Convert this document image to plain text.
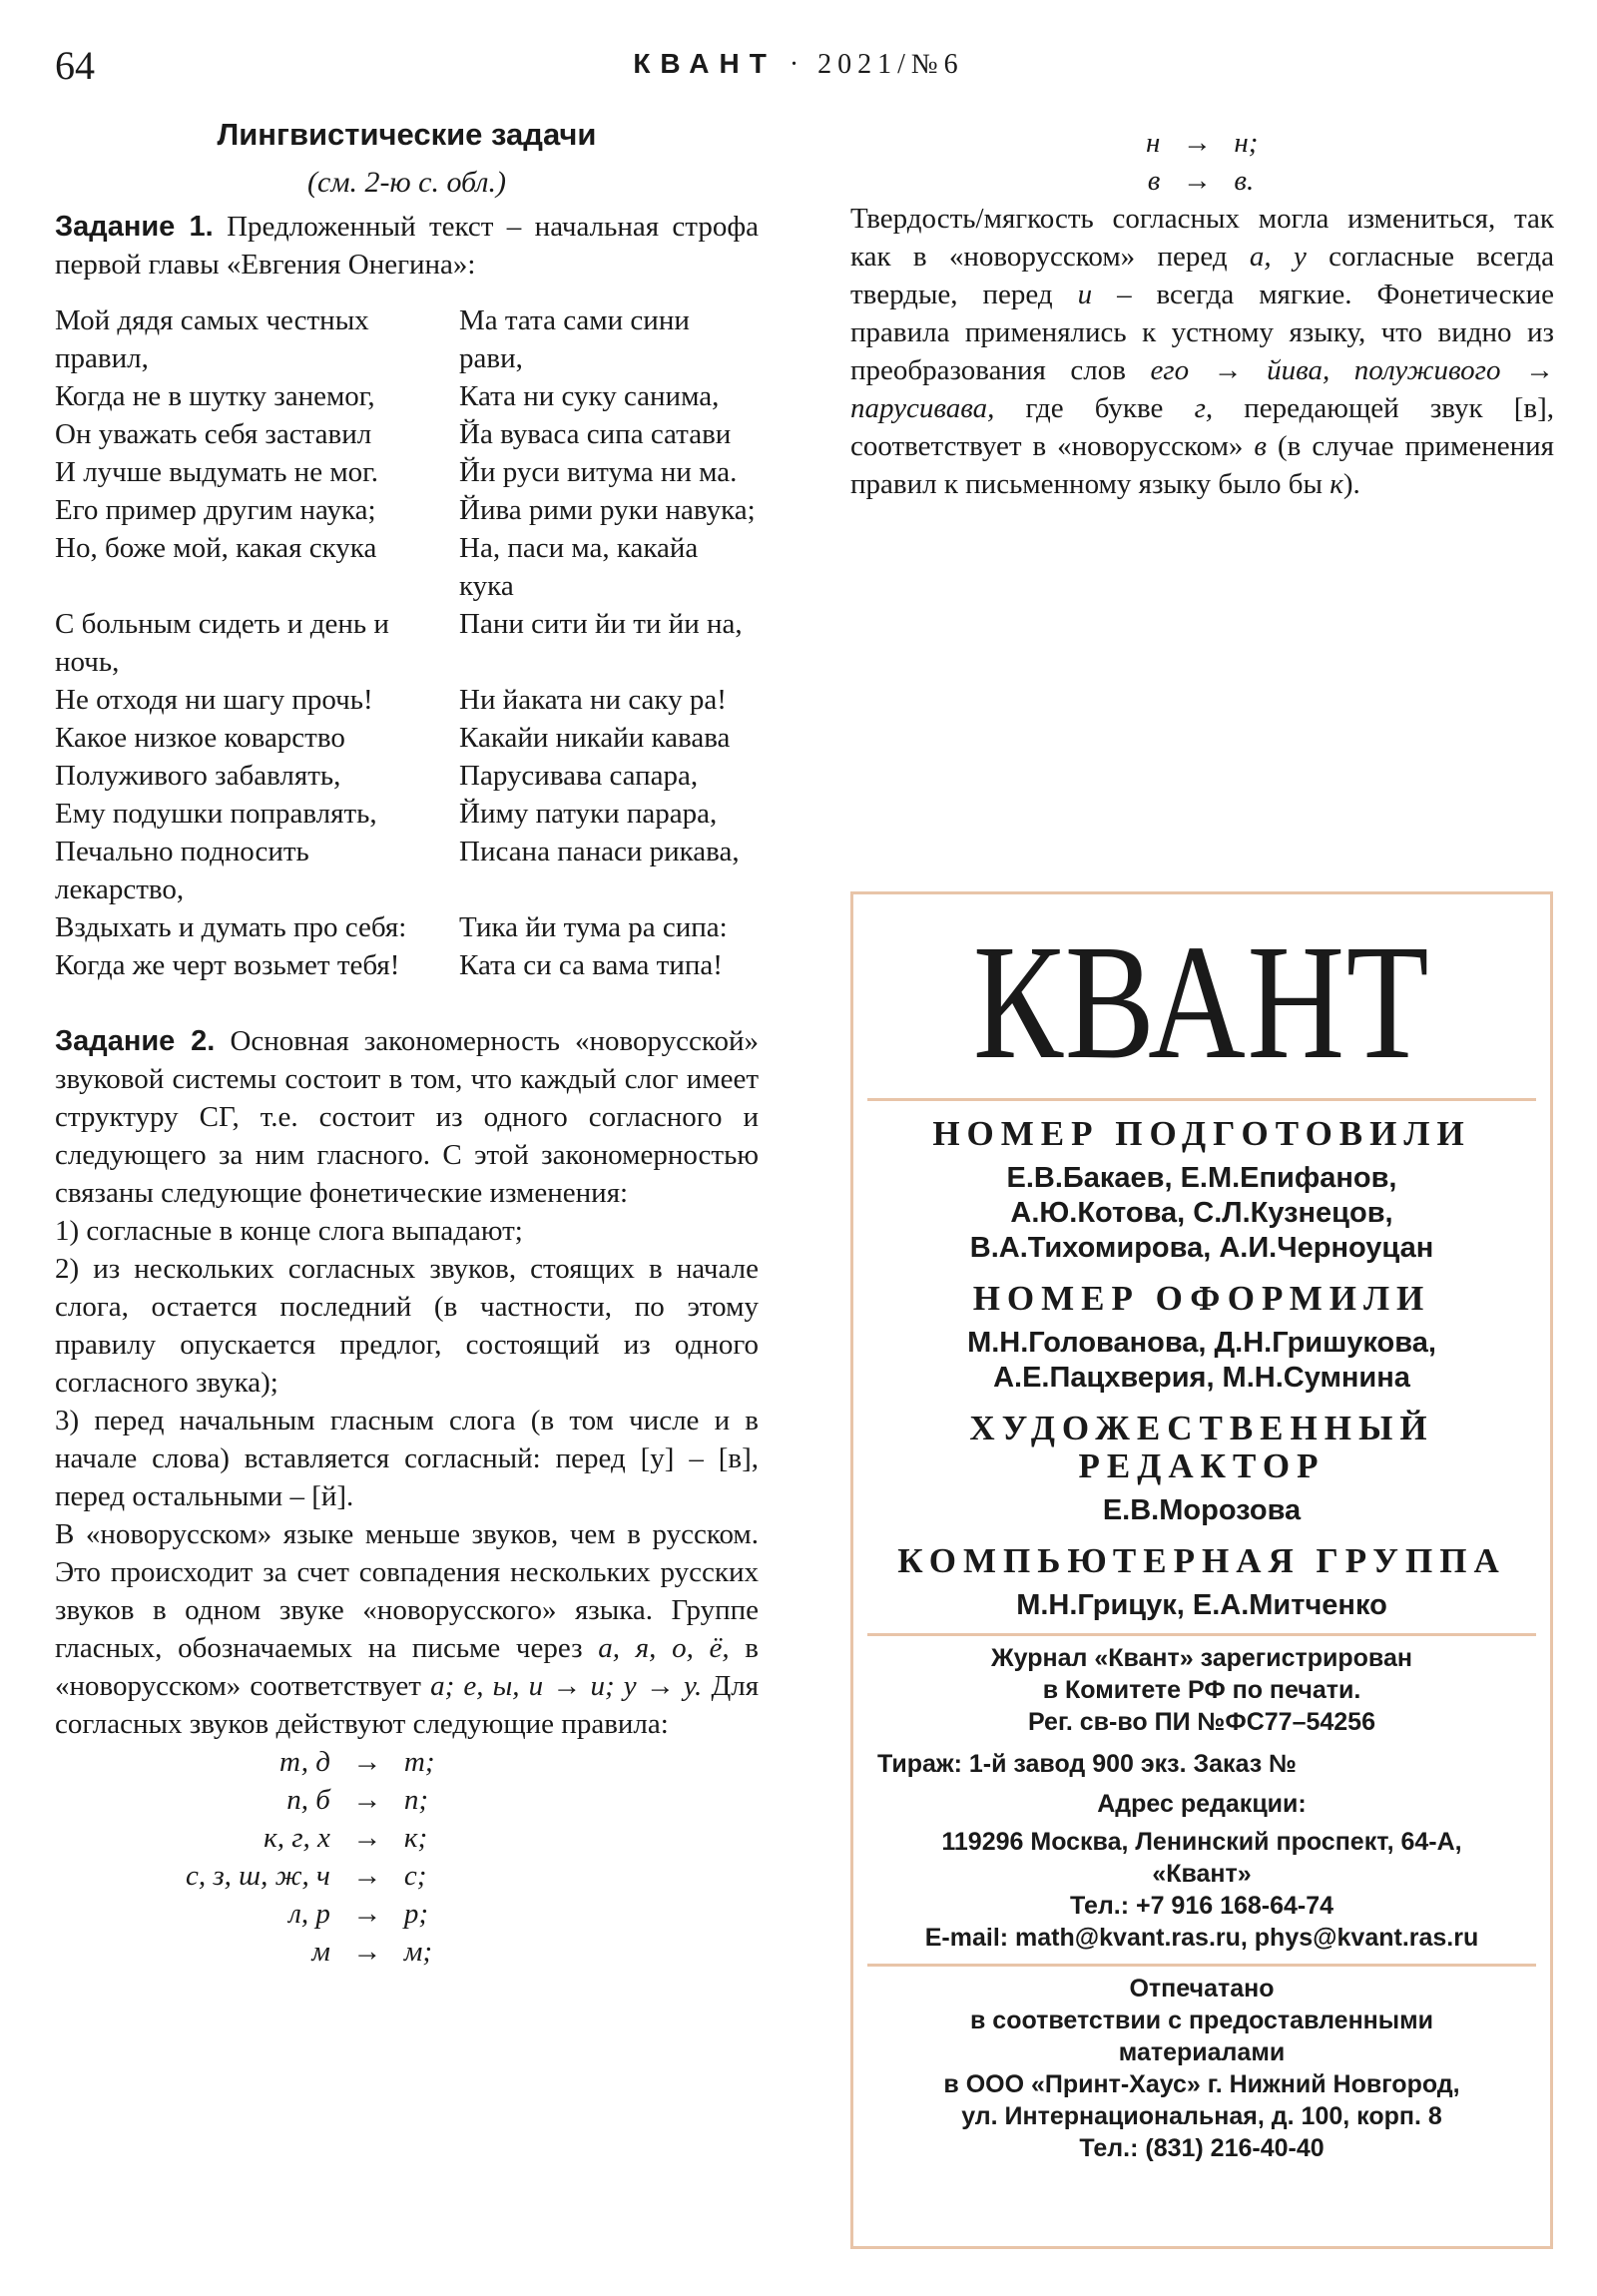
64	КВАНТ · 2021/№6
Лингвистические задачи
(см. 2-ю с. обл.)

Задание 1. Предложенный текст – начальная строфа первой главы «Евгения Онегина»:

Мой дядя самых честных правил,	Ма тата сами сини рави,
Когда не в шутку занемог,	Ката ни суку санима,
Он уважать себя заставил	Йа вуваса сипа сатави
И лучше выдумать не мог.	Йи руси витума ни ма.
Его пример другим наука;	Йива рими руки навука;
Но, боже мой, какая скука	На, паси ма, какайа кука
С больным сидеть и день и ночь,	Пани сити йи ти йи на,
Не отходя ни шагу прочь!	Ни йаката ни саку ра!
Какое низкое коварство	Какайи никайи кавава
Полуживого забавлять,	Парусивава сапара,
Ему подушки поправлять,	Йиму патуки парара,
Печально подносить лекарство,	Писана панаси рикава,
Вздыхать и думать про себя:	Тика йи тума ра сипа:
Когда же черт возьмет тебя!	Ката си са вама типа!

Задание 2. Основная закономерность «новорусской» звуковой системы состоит в том, что каждый слог имеет структуру СГ, т.е. состоит из одного согласного и следующего за ним гласного. С этой закономерностью связаны следующие фонетические изменения:

1) согласные в конце слога выпадают;

2) из нескольких согласных звуков, стоящих в начале слога, остается последний (в частности, по этому правилу опускается предлог, состоящий из одного согласного звука);

3) перед начальным гласным слога (в том числе и в начале слова) вставляется согласный: перед [у] – [в], перед остальными – [й].

В «новорусском» языке меньше звуков, чем в русском. Это происходит за счет совпадения нескольких русских звуков в одном звуке «новорусского» языка. Группе гласных, обозначаемых на письме через а, я, о, ё, в «новорусском» соответствует а; е, ы, и → и; у → у. Для согласных звуков действуют следующие правила:

т, д	→	т;
п, б	→	п;
к, г, х	→	к;
с, з, ш, ж, ч	→	с;
л, р	→	р;
м	→	м;
н	→	н;
в	→	в.

Твердость/мягкость согласных могла измениться, так как в «новорусском» перед а, у согласные всегда твердые, перед и – всегда мягкие. Фонетические правила применялись к устному языку, что видно из преобразования слов его → йива, полуживого → парусивава, где букве г, передающей звук [в], соответствует в «новорусском» в (в случае применения правил к письменному языку было бы к).

КВАНТ
НОМЕР ПОДГОТОВИЛИ
Е.В.Бакаев, Е.М.Епифанов,
А.Ю.Котова, С.Л.Кузнецов,
В.А.Тихомирова, А.И.Черноуцан
НОМЕР ОФОРМИЛИ
М.Н.Голованова, Д.Н.Гришукова,
А.Е.Пацхверия, М.Н.Сумнина
ХУДОЖЕСТВЕННЫЙ
РЕДАКТОР
Е.В.Морозова
КОМПЬЮТЕРНАЯ ГРУППА
М.Н.Грицук, Е.А.Митченко
Журнал «Квант» зарегистрирован
в Комитете РФ по печати.
Рег. св-во ПИ №ФС77–54256
Тираж: 1-й завод 900 экз. Заказ №
Адрес редакции:
119296 Москва, Ленинский проспект, 64-А,
«Квант»
Тел.: +7 916 168-64-74
E-mail: math@kvant.ras.ru, phys@kvant.ras.ru
Отпечатано
в соответствии с предоставленными
материалами
в ООО «Принт-Хаус» г. Нижний Новгород,
ул. Интернациональная, д. 100, корп. 8
Тел.: (831) 216-40-40
